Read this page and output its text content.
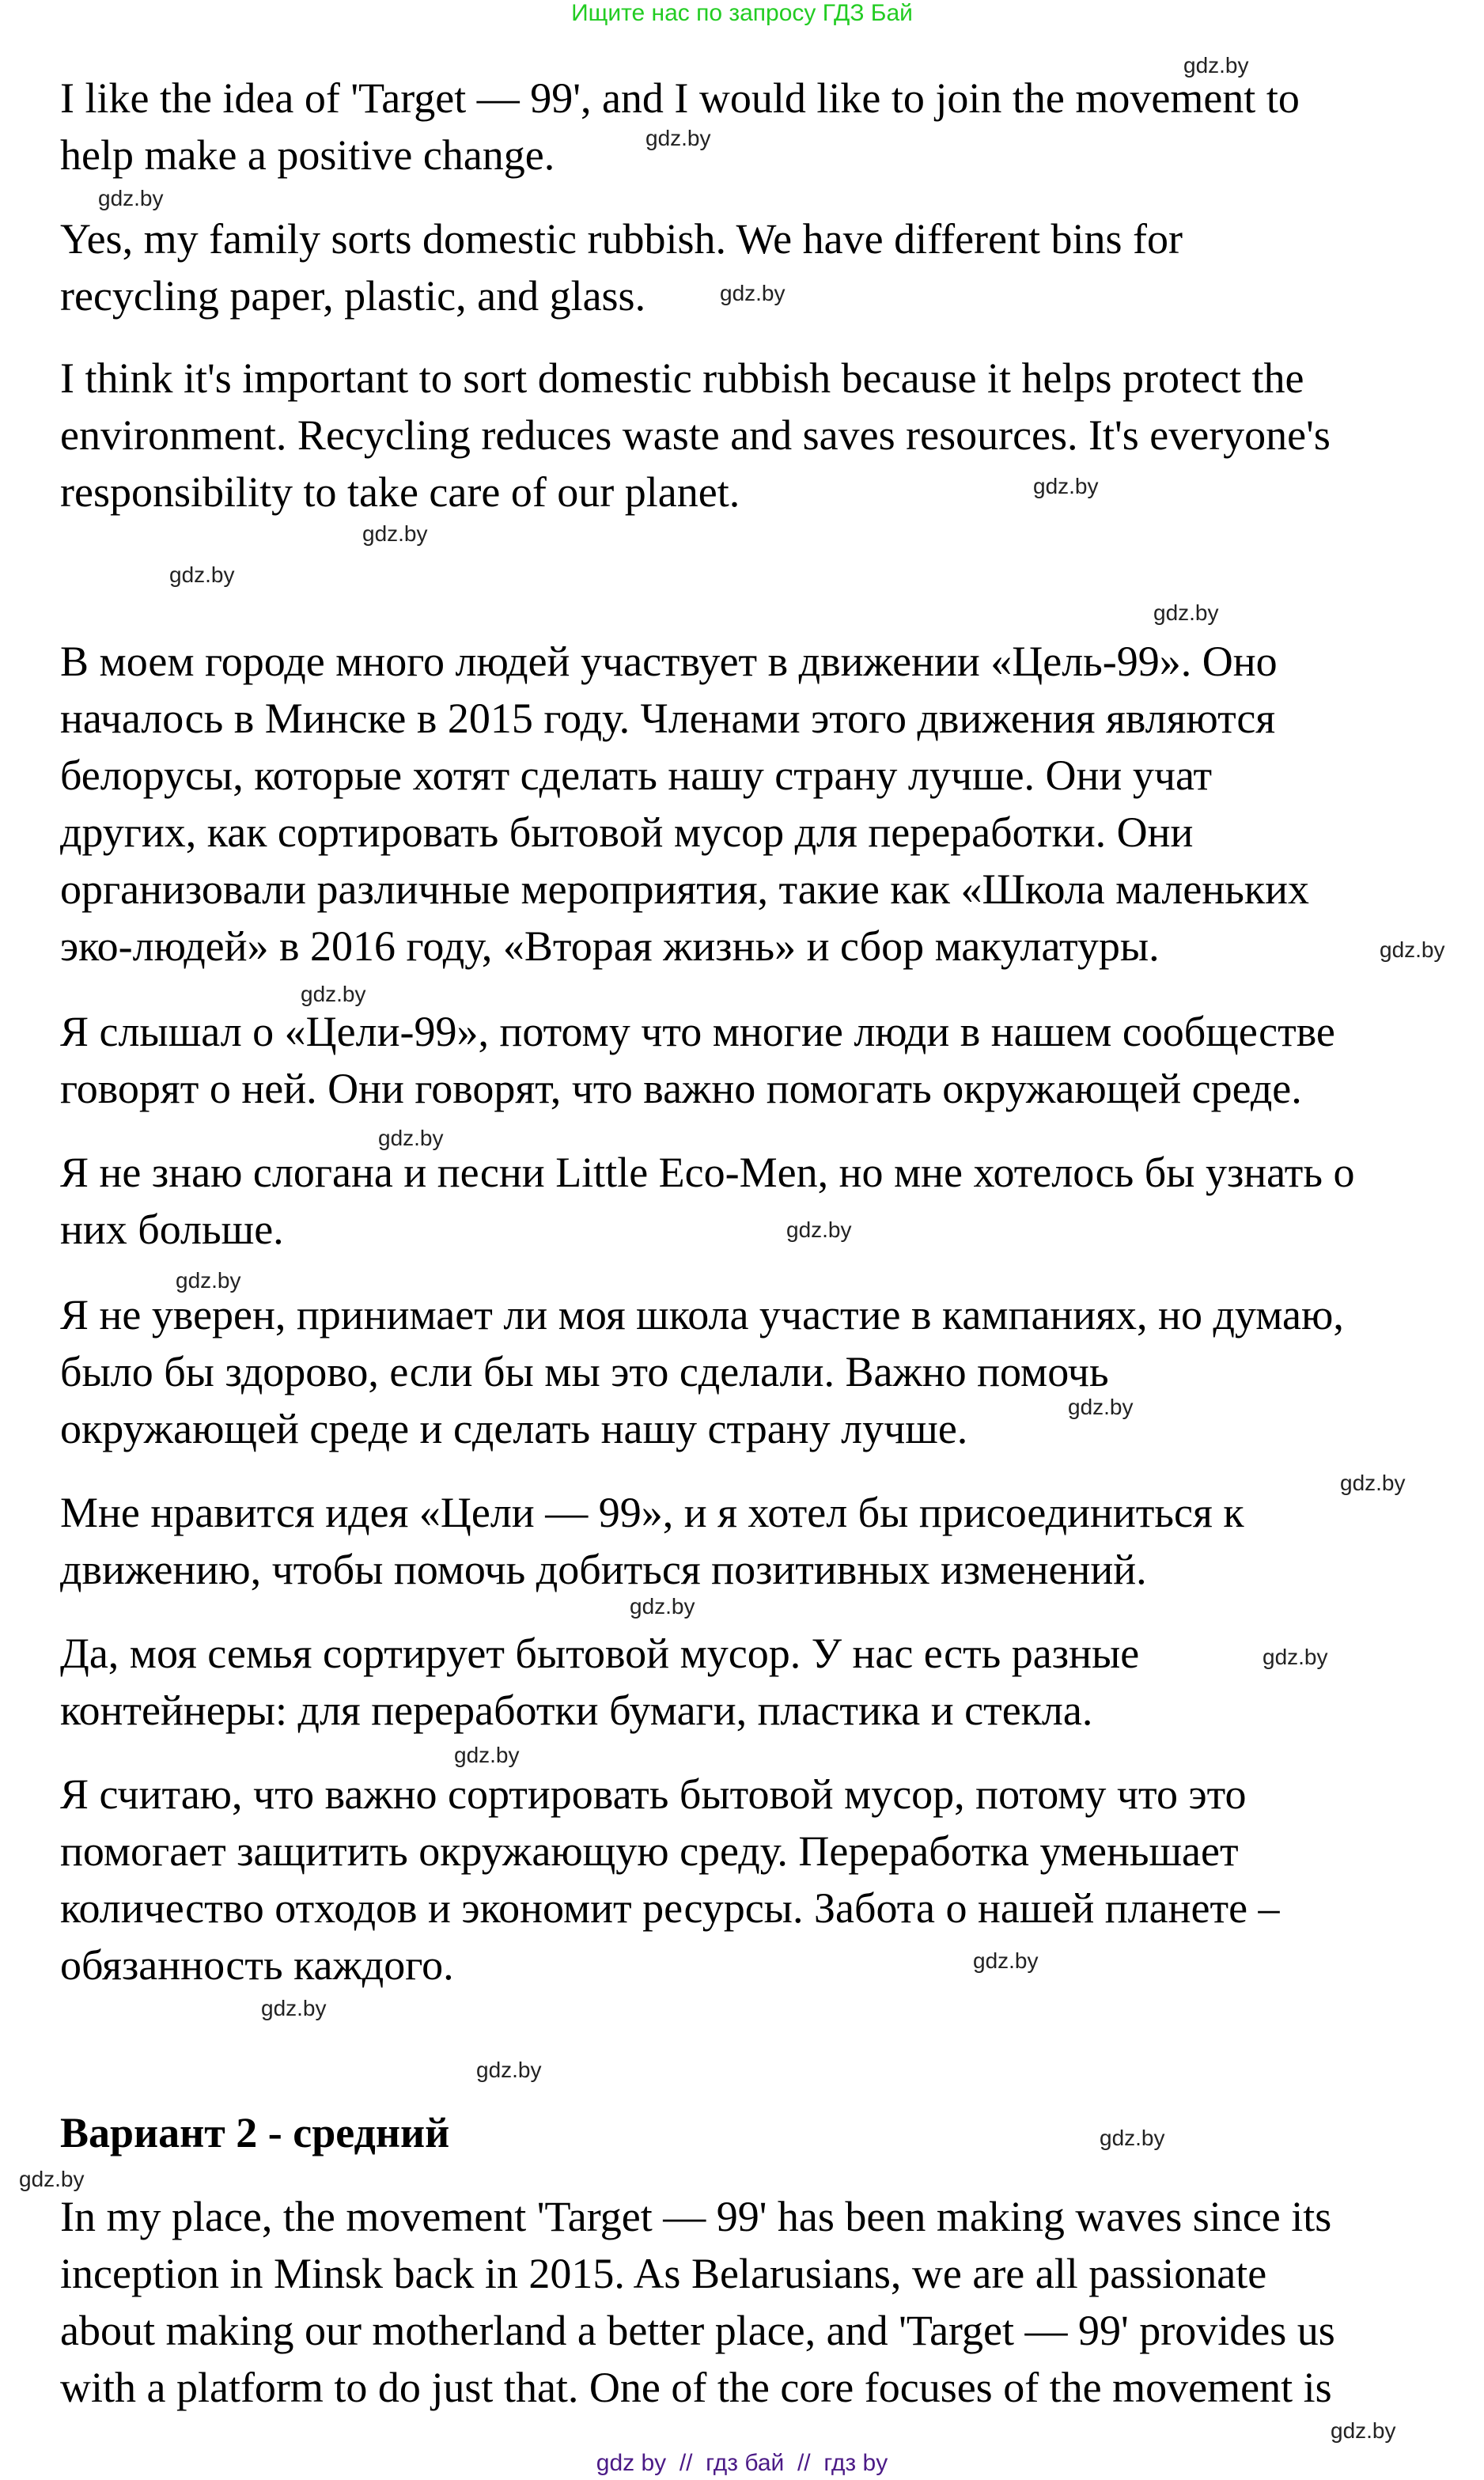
Ищите нас по запросу ГДЗ Бай
I like the idea of 'Target — 99', and I would like to join the movement to
help make a positive change.
Yes, my family sorts domestic rubbish. We have different bins for
recycling paper, plastic, and glass.
I think it's important to sort domestic rubbish because it helps protect the
environment. Recycling reduces waste and saves resources. It's everyone's
responsibility to take care of our planet.
В моем городе много людей участвует в движении «Цель-99». Оно
началось в Минске в 2015 году. Членами этого движения являются
белорусы, которые хотят сделать нашу страну лучше. Они учат
других, как сортировать бытовой мусор для переработки. Они
организовали различные мероприятия, такие как «Школа маленьких
эко-людей» в 2016 году, «Вторая жизнь» и сбор макулатуры.
Я слышал о «Цели-99», потому что многие люди в нашем сообществе
говорят о ней. Они говорят, что важно помогать окружающей среде.
Я не знаю слогана и песни Little Eco-Men, но мне хотелось бы узнать о
них больше.
Я не уверен, принимает ли моя школа участие в кампаниях, но думаю,
было бы здорово, если бы мы это сделали. Важно помочь
окружающей среде и сделать нашу страну лучше.
Мне нравится идея «Цели — 99», и я хотел бы присоединиться к
движению, чтобы помочь добиться позитивных изменений.
Да, моя семья сортирует бытовой мусор. У нас есть разные
контейнеры: для переработки бумаги, пластика и стекла.
Я считаю, что важно сортировать бытовой мусор, потому что это
помогает защитить окружающую среду. Переработка уменьшает
количество отходов и экономит ресурсы. Забота о нашей планете –
обязанность каждого.
Вариант 2 - средний
In my place, the movement 'Target — 99' has been making waves since its
inception in Minsk back in 2015. As Belarusians, we are all passionate
about making our motherland a better place, and 'Target — 99' provides us
with a platform to do just that. One of the core focuses of the movement is
gdz.by
gdz.by
gdz.by
gdz.by
gdz.by
gdz.by
gdz.by
gdz.by
gdz.by
gdz.by
gdz.by
gdz.by
gdz.by
gdz.by
gdz.by
gdz.by
gdz.by
gdz.by
gdz.by
gdz.by
gdz.by
gdz.by
gdz.by
gdz.by
gdz by  //  гдз бай  //  гдз by
